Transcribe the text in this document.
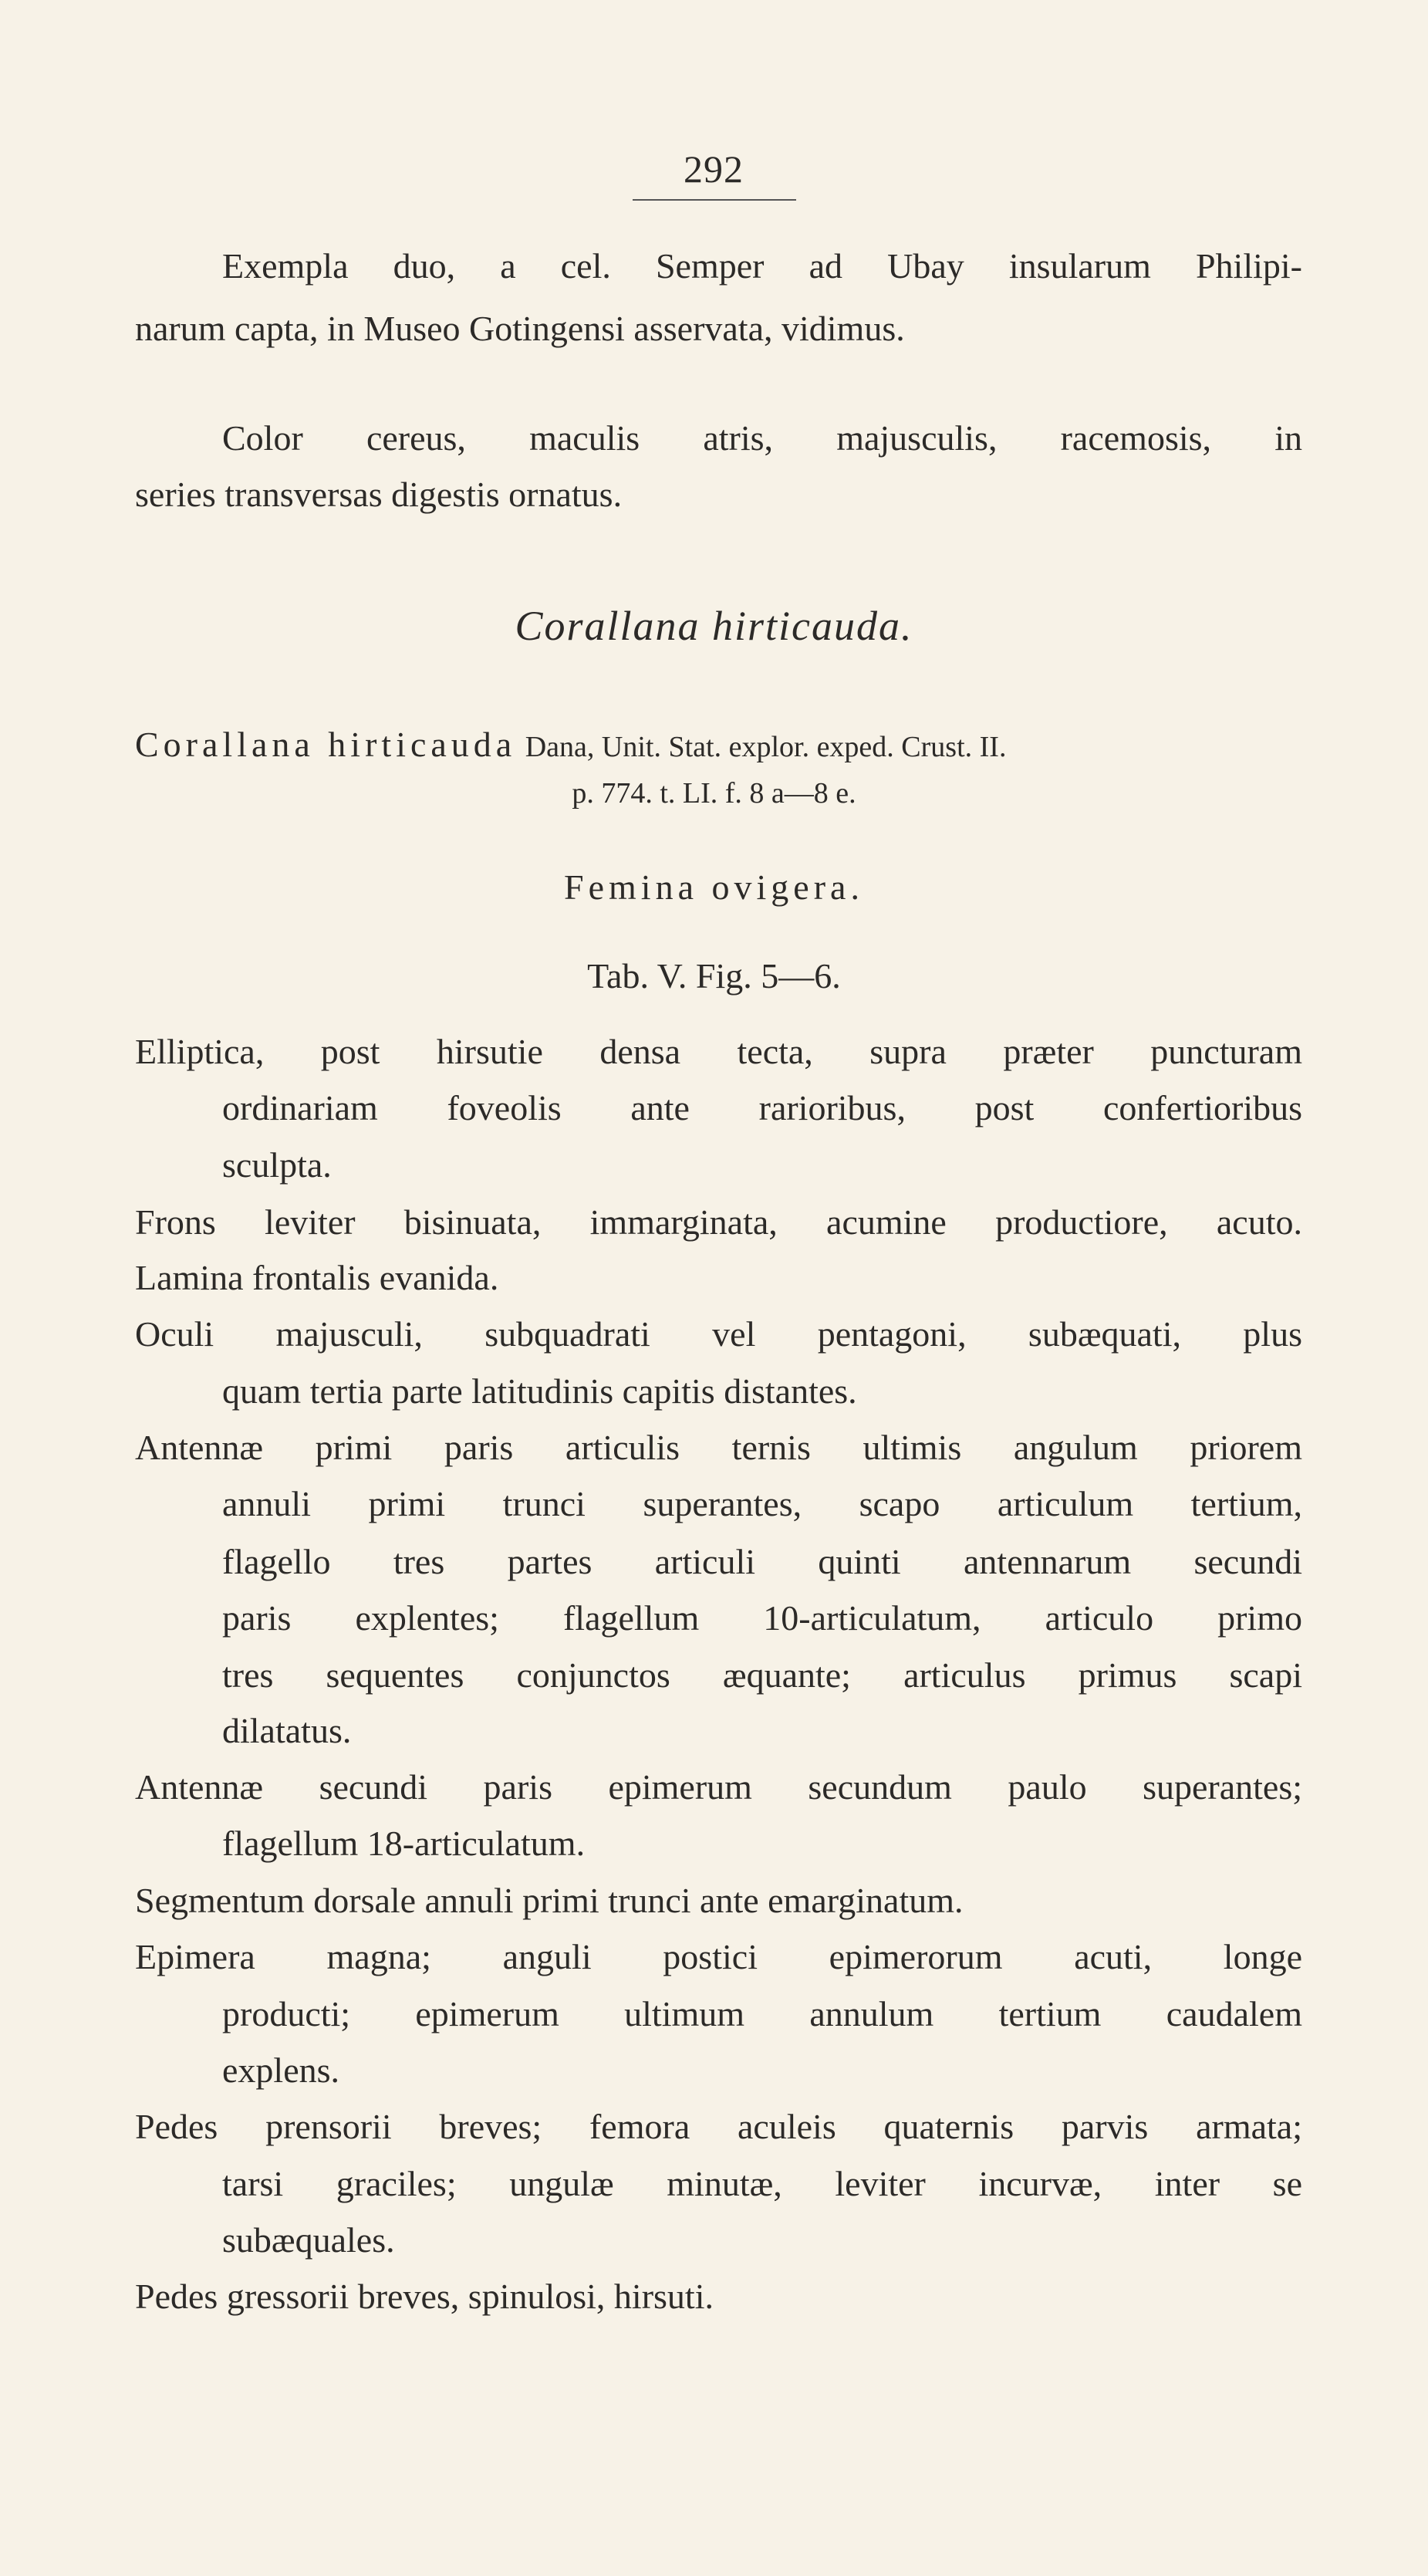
292
Exempla duo, a cel. Semper ad Ubay insularum Philipi-
narum capta, in Museo Gotingensi asservata, vidimus.
Color cereus, maculis atris, majusculis, racemosis, in
series transversas digestis ornatus.
Corallana hirticauda.
Corallana hirticauda Dana, Unit. Stat. explor. exped. Crust. II.
p. 774. t. LI. f. 8 a—8 e.
Femina ovigera.
Tab. V. Fig. 5—6.
Elliptica, post hirsutie densa tecta, supra præter puncturam
ordinariam foveolis ante rarioribus, post confertioribus
sculpta.
Frons leviter bisinuata, immarginata, acumine productiore, acuto.
Lamina frontalis evanida.
Oculi majusculi, subquadrati vel pentagoni, subæquati, plus
quam tertia parte latitudinis capitis distantes.
Antennæ primi paris articulis ternis ultimis angulum priorem
annuli primi trunci superantes, scapo articulum tertium,
flagello tres partes articuli quinti antennarum secundi
paris explentes; flagellum 10-articulatum, articulo primo
tres sequentes conjunctos æquante; articulus primus scapi
dilatatus.
Antennæ secundi paris epimerum secundum paulo superantes;
flagellum 18-articulatum.
Segmentum dorsale annuli primi trunci ante emarginatum.
Epimera magna; anguli postici epimerorum acuti, longe
producti; epimerum ultimum annulum tertium caudalem
explens.
Pedes prensorii breves; femora aculeis quaternis parvis armata;
tarsi graciles; ungulæ minutæ, leviter incurvæ, inter se
subæquales.
Pedes gressorii breves, spinulosi, hirsuti.
